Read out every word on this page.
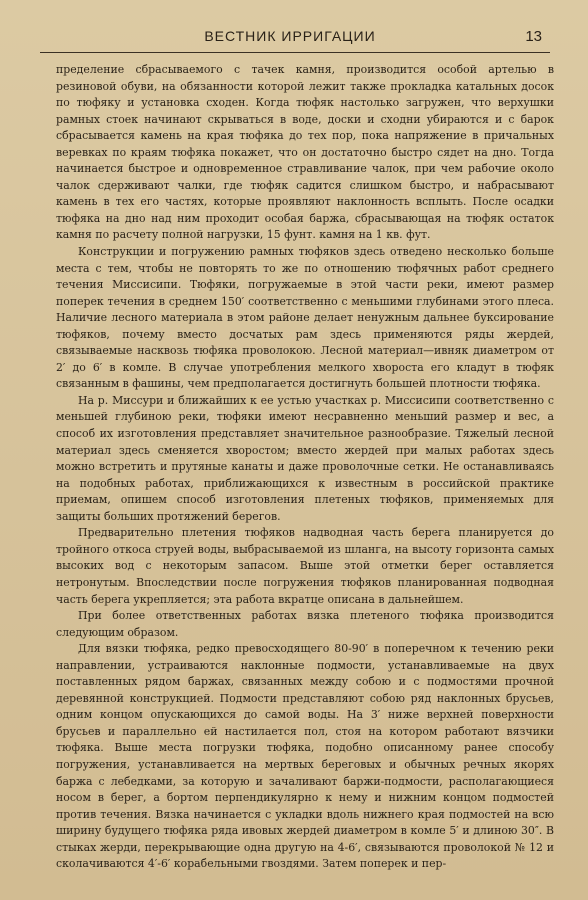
ВЕСТНИК ИРРИГАЦИИ	13

пределение сбрасываемого с тачек камня, производится особой артелью в резиновой обуви, на обязанности которой лежит также прокладка катальных досок по тюфяку и установка сходен. Когда тюфяк настолько загружен, что верхушки рамных стоек начинают скрываться в воде, доски и сходни убираются и с барок сбрасывается камень на края тюфяка до тех пор, пока напряжение в причальных веревках по краям тюфяка покажет, что он достаточно быстро сядет на дно. Тогда начинается быстрое и одновременное стравливание чалок, при чем рабочие около чалок сдерживают чалки, где тюфяк садится слишком быстро, и набрасывают камень в тех его частях, которые проявляют наклонность всплыть. После осадки тюфяка на дно над ним проходит особая баржа, сбрасывающая на тюфяк остаток камня по расчету полной нагрузки, 15 фунт. камня на 1 кв. фут.

Конструкции и погружению рамных тюфяков здесь отведено несколько больше места с тем, чтобы не повторять то же по отношению тюфячных работ среднего течения Миссисипи. Тюфяки, погружаемые в этой части реки, имеют размер поперек течения в среднем 150′ соответственно с меньшими глубинами этого плеса. Наличие лесного материала в этом районе делает ненужным дальнее буксирование тюфяков, почему вместо досчатых рам здесь применяются ряды жердей, связываемые насквозь тюфяка проволокою. Лесной материал—ивняк диаметром от 2′ до 6′ в комле. В случае употребления мелкого хвороста его кладут в тюфяк связанным в фашины, чем предполагается достигнуть большей плотности тюфяка.

На р. Миссури и ближайших к ее устью участках р. Миссисипи соответственно с меньшей глубиною реки, тюфяки имеют несравненно меньший размер и вес, а способ их изготовления представляет значительное разнообразие. Тяжелый лесной материал здесь сменяется хворостом; вместо жердей при малых работах здесь можно встретить и прутяные канаты и даже проволочные сетки. Не останавливаясь на подобных работах, приближающихся к известным в российской практике приемам, опишем способ изготовления плетеных тюфяков, применяемых для защиты больших протяжений берегов.

Предварительно плетения тюфяков надводная часть берега планируется до тройного откоса струей воды, выбрасываемой из шланга, на высоту горизонта самых высоких вод с некоторым запасом. Выше этой отметки берег оставляется нетронутым. Впоследствии после погружения тюфяков планированная подводная часть берега укрепляется; эта работа вкратце описана в дальнейшем.

При более ответственных работах вязка плетеного тюфяка производится следующим образом.

Для вязки тюфяка, редко превосходящего 80-90′ в поперечном к течению реки направлении, устраиваются наклонные подмости, устанавливаемые на двух поставленных рядом баржах, связанных между собою и с подмостями прочной деревянной конструкцией. Подмости представляют собою ряд наклонных брусьев, одним концом опускающихся до самой воды. На 3′ ниже верхней поверхности брусьев и параллельно ей настилается пол, стоя на котором работают вязчики тюфяка. Выше места погрузки тюфяка, подобно описанному ранее способу погружения, устанавливается на мертвых береговых и обычных речных якорях баржа с лебедками, за которую и зачаливают баржи-подмости, располагающиеся носом в берег, а бортом перпендикулярно к нему и нижним концом подмостей против течения. Вязка начинается с укладки вдоль нижнего края подмостей на всю ширину будущего тюфяка ряда ивовых жердей диаметром в комле 5′ и длиною 30″. В стыках жерди, перекрывающие одна другую на 4-6′, связываются проволокой № 12 и сколачиваются 4′-6′ корабельными гвоздями. Затем поперек и пер-
